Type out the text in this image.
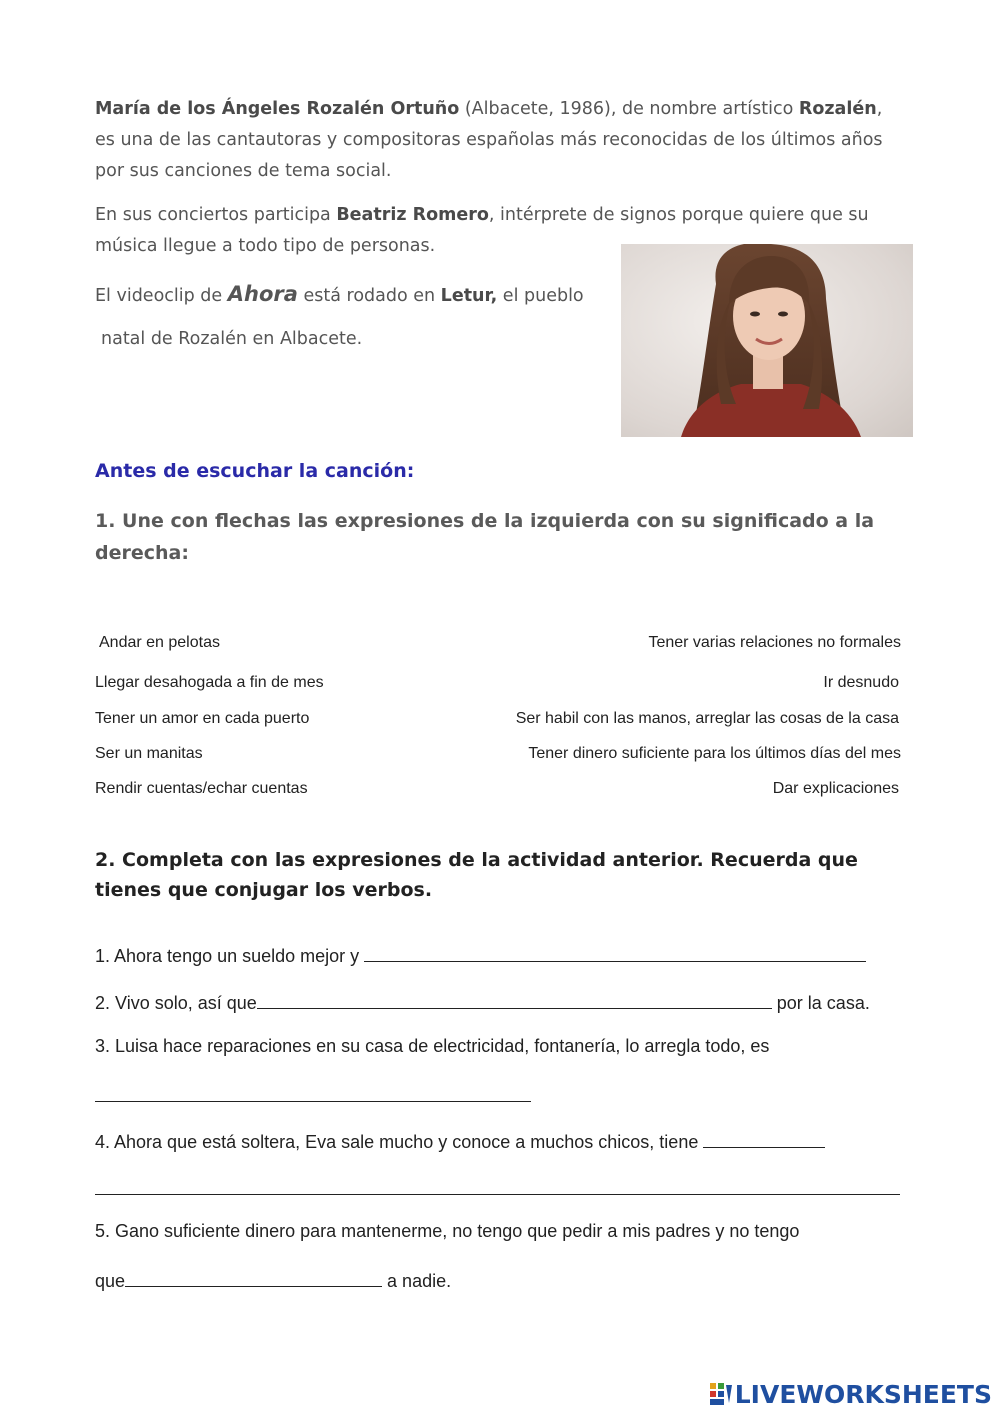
María de los Ángeles Rozalén Ortuño (Albacete, 1986), de nombre artístico Rozalén, es una de las cantautoras y compositoras españolas más reconocidas de los últimos años por sus canciones de tema social.
En sus conciertos participa Beatriz Romero, intérprete de signos porque quiere que su música llegue a todo tipo de personas.
El videoclip de Ahora está rodado en Letur, el pueblo
natal de Rozalén en Albacete.
Antes de escuchar la canción:
1. Une con flechas las expresiones de la izquierda con su significado a la derecha:
Andar en pelotas
Llegar desahogada a fin de mes
Tener un amor en cada puerto
Ser un manitas
Rendir cuentas/echar cuentas
Tener varias relaciones no formales
Ir desnudo
Ser habil con las manos, arreglar las cosas de la casa
Tener dinero suficiente para los últimos días del mes
Dar explicaciones
2. Completa con las expresiones de la actividad anterior. Recuerda que tienes que conjugar los verbos.
1. Ahora tengo un sueldo mejor y
2. Vivo solo, así que	por la casa.
3. Luisa hace reparaciones en su casa de electricidad, fontanería, lo arregla todo, es
4. Ahora que está soltera, Eva sale mucho y conoce a muchos chicos, tiene
5. Gano suficiente dinero para mantenerme, no tengo que pedir a mis padres y no tengo
que	a nadie.
LIVEWORKSHEETS
